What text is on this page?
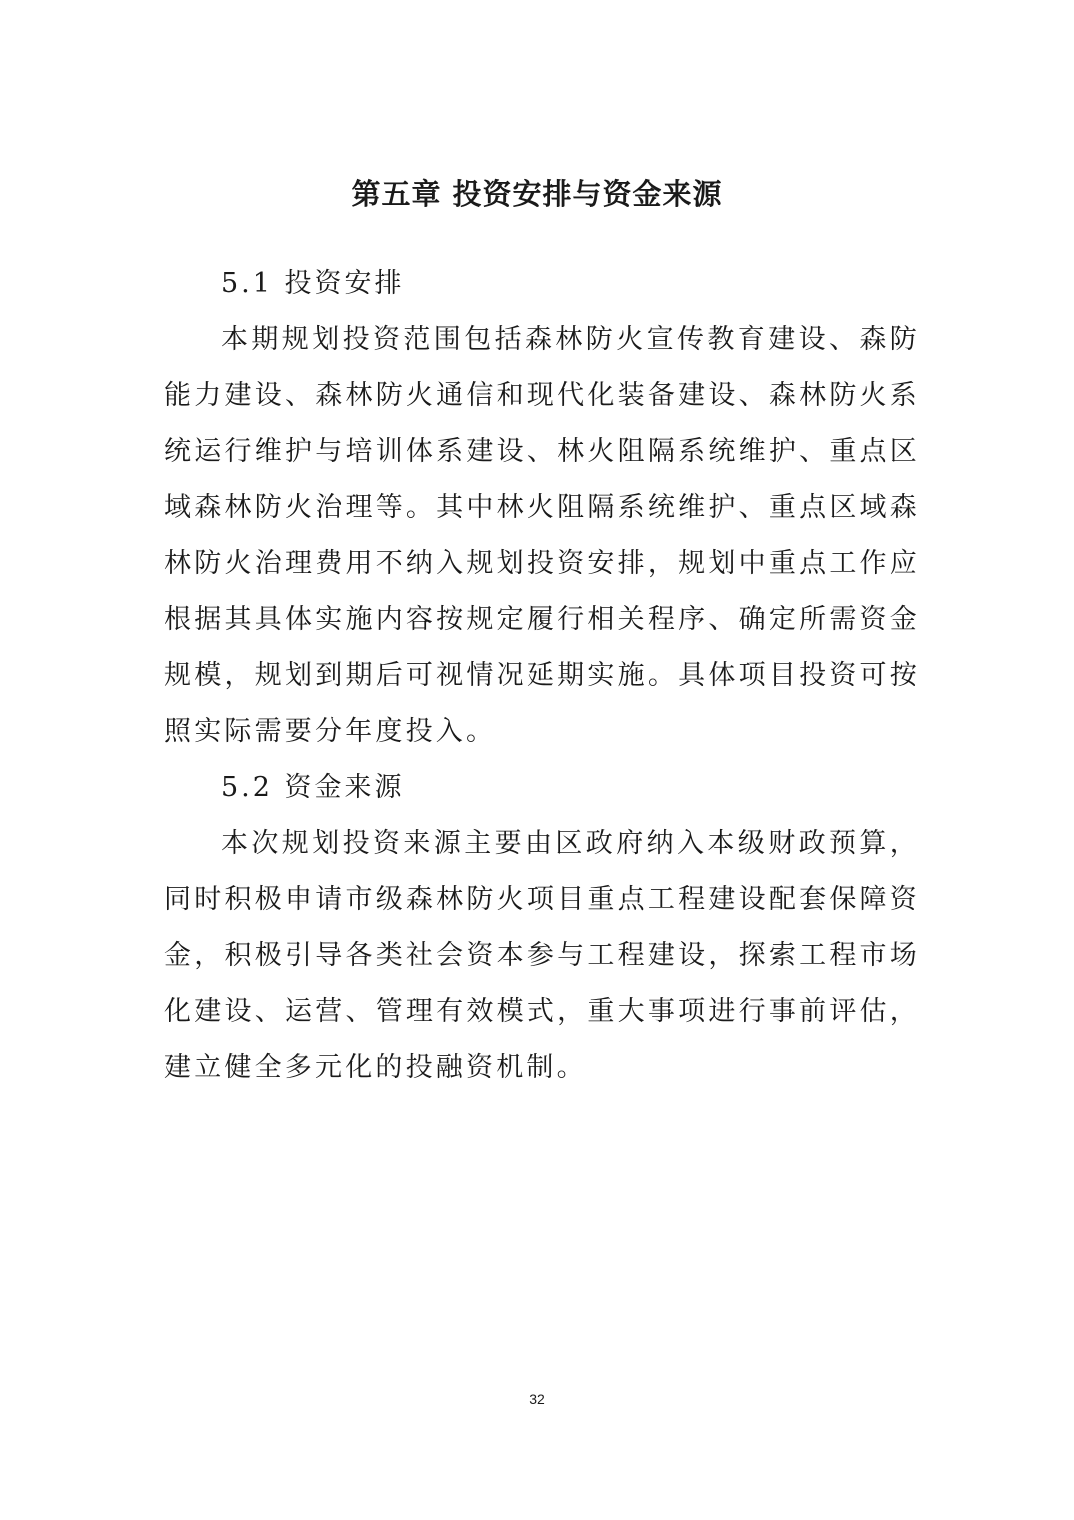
第五章 投资安排与资金来源

5.1 投资安排

本期规划投资范围包括森林防火宣传教育建设、森防能力建设、森林防火通信和现代化装备建设、森林防火系统运行维护与培训体系建设、林火阻隔系统维护、重点区域森林防火治理等。其中林火阻隔系统维护、重点区域森林防火治理费用不纳入规划投资安排，规划中重点工作应根据其具体实施内容按规定履行相关程序、确定所需资金规模，规划到期后可视情况延期实施。具体项目投资可按照实际需要分年度投入。

5.2 资金来源

本次规划投资来源主要由区政府纳入本级财政预算，同时积极申请市级森林防火项目重点工程建设配套保障资金，积极引导各类社会资本参与工程建设，探索工程市场化建设、运营、管理有效模式，重大事项进行事前评估，建立健全多元化的投融资机制。

32
